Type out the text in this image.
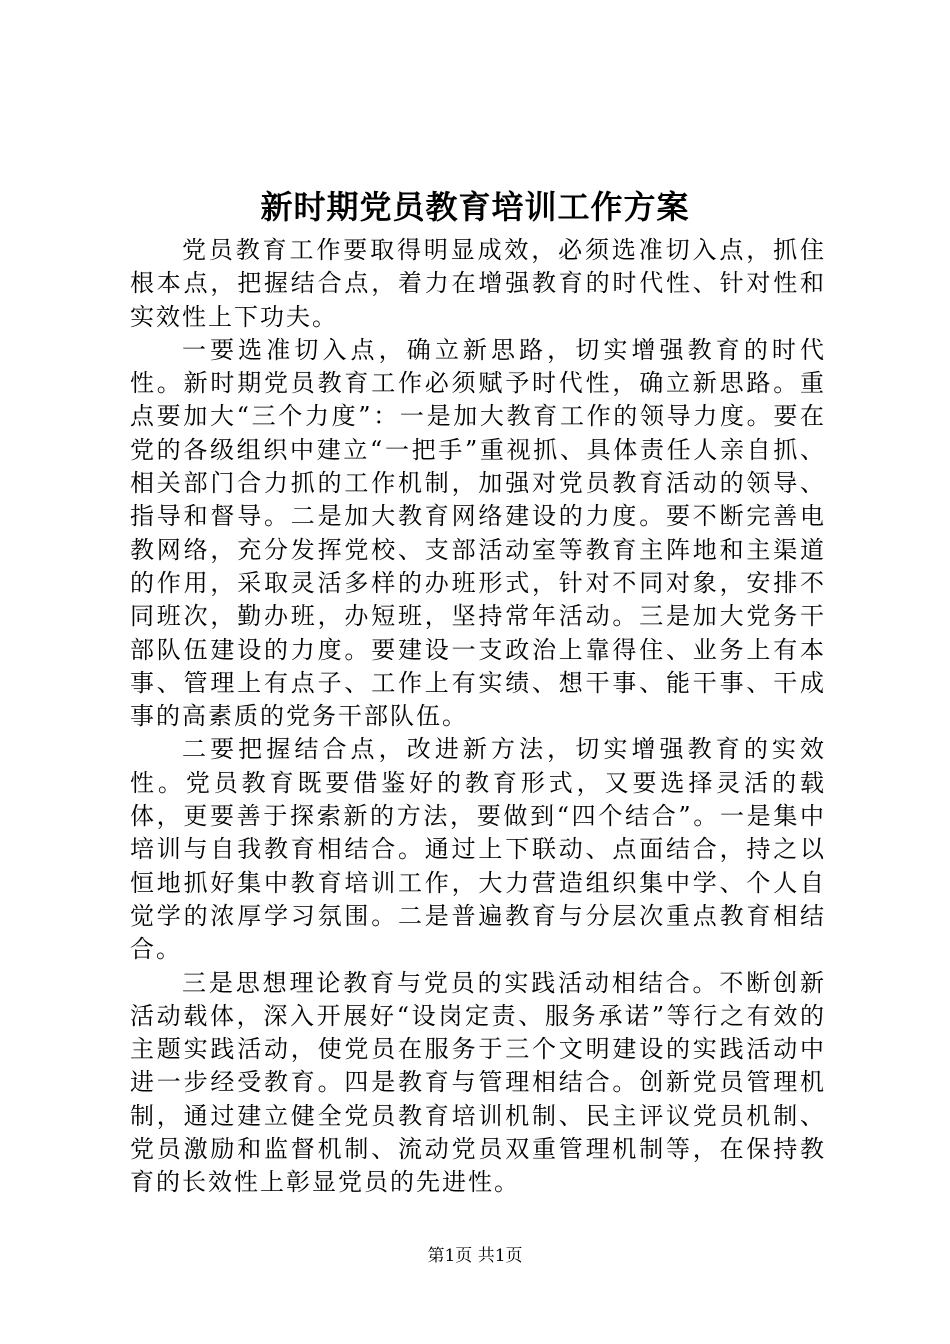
新时期党员教育培训工作方案

党员教育工作要取得明显成效，必须选准切入点，抓住根本点，把握结合点，着力在增强教育的时代性、针对性和实效性上下功夫。

一要选准切入点，确立新思路，切实增强教育的时代性。新时期党员教育工作必须赋予时代性，确立新思路。重点要加大“三个力度”：一是加大教育工作的领导力度。要在党的各级组织中建立“一把手”重视抓、具体责任人亲自抓、相关部门合力抓的工作机制，加强对党员教育活动的领导、指导和督导。二是加大教育网络建设的力度。要不断完善电教网络，充分发挥党校、支部活动室等教育主阵地和主渠道的作用，采取灵活多样的办班形式，针对不同对象，安排不同班次，勤办班，办短班，坚持常年活动。三是加大党务干部队伍建设的力度。要建设一支政治上靠得住、业务上有本事、管理上有点子、工作上有实绩、想干事、能干事、干成事的高素质的党务干部队伍。

二要把握结合点，改进新方法，切实增强教育的实效性。党员教育既要借鉴好的教育形式，又要选择灵活的载体，更要善于探索新的方法，要做到“四个结合”。一是集中培训与自我教育相结合。通过上下联动、点面结合，持之以恒地抓好集中教育培训工作，大力营造组织集中学、个人自觉学的浓厚学习氛围。二是普遍教育与分层次重点教育相结合。

三是思想理论教育与党员的实践活动相结合。不断创新活动载体，深入开展好“设岗定责、服务承诺”等行之有效的主题实践活动，使党员在服务于三个文明建设的实践活动中进一步经受教育。四是教育与管理相结合。创新党员管理机制，通过建立健全党员教育培训机制、民主评议党员机制、党员激励和监督机制、流动党员双重管理机制等，在保持教育的长效性上彰显党员的先进性。

第1页 共1页
